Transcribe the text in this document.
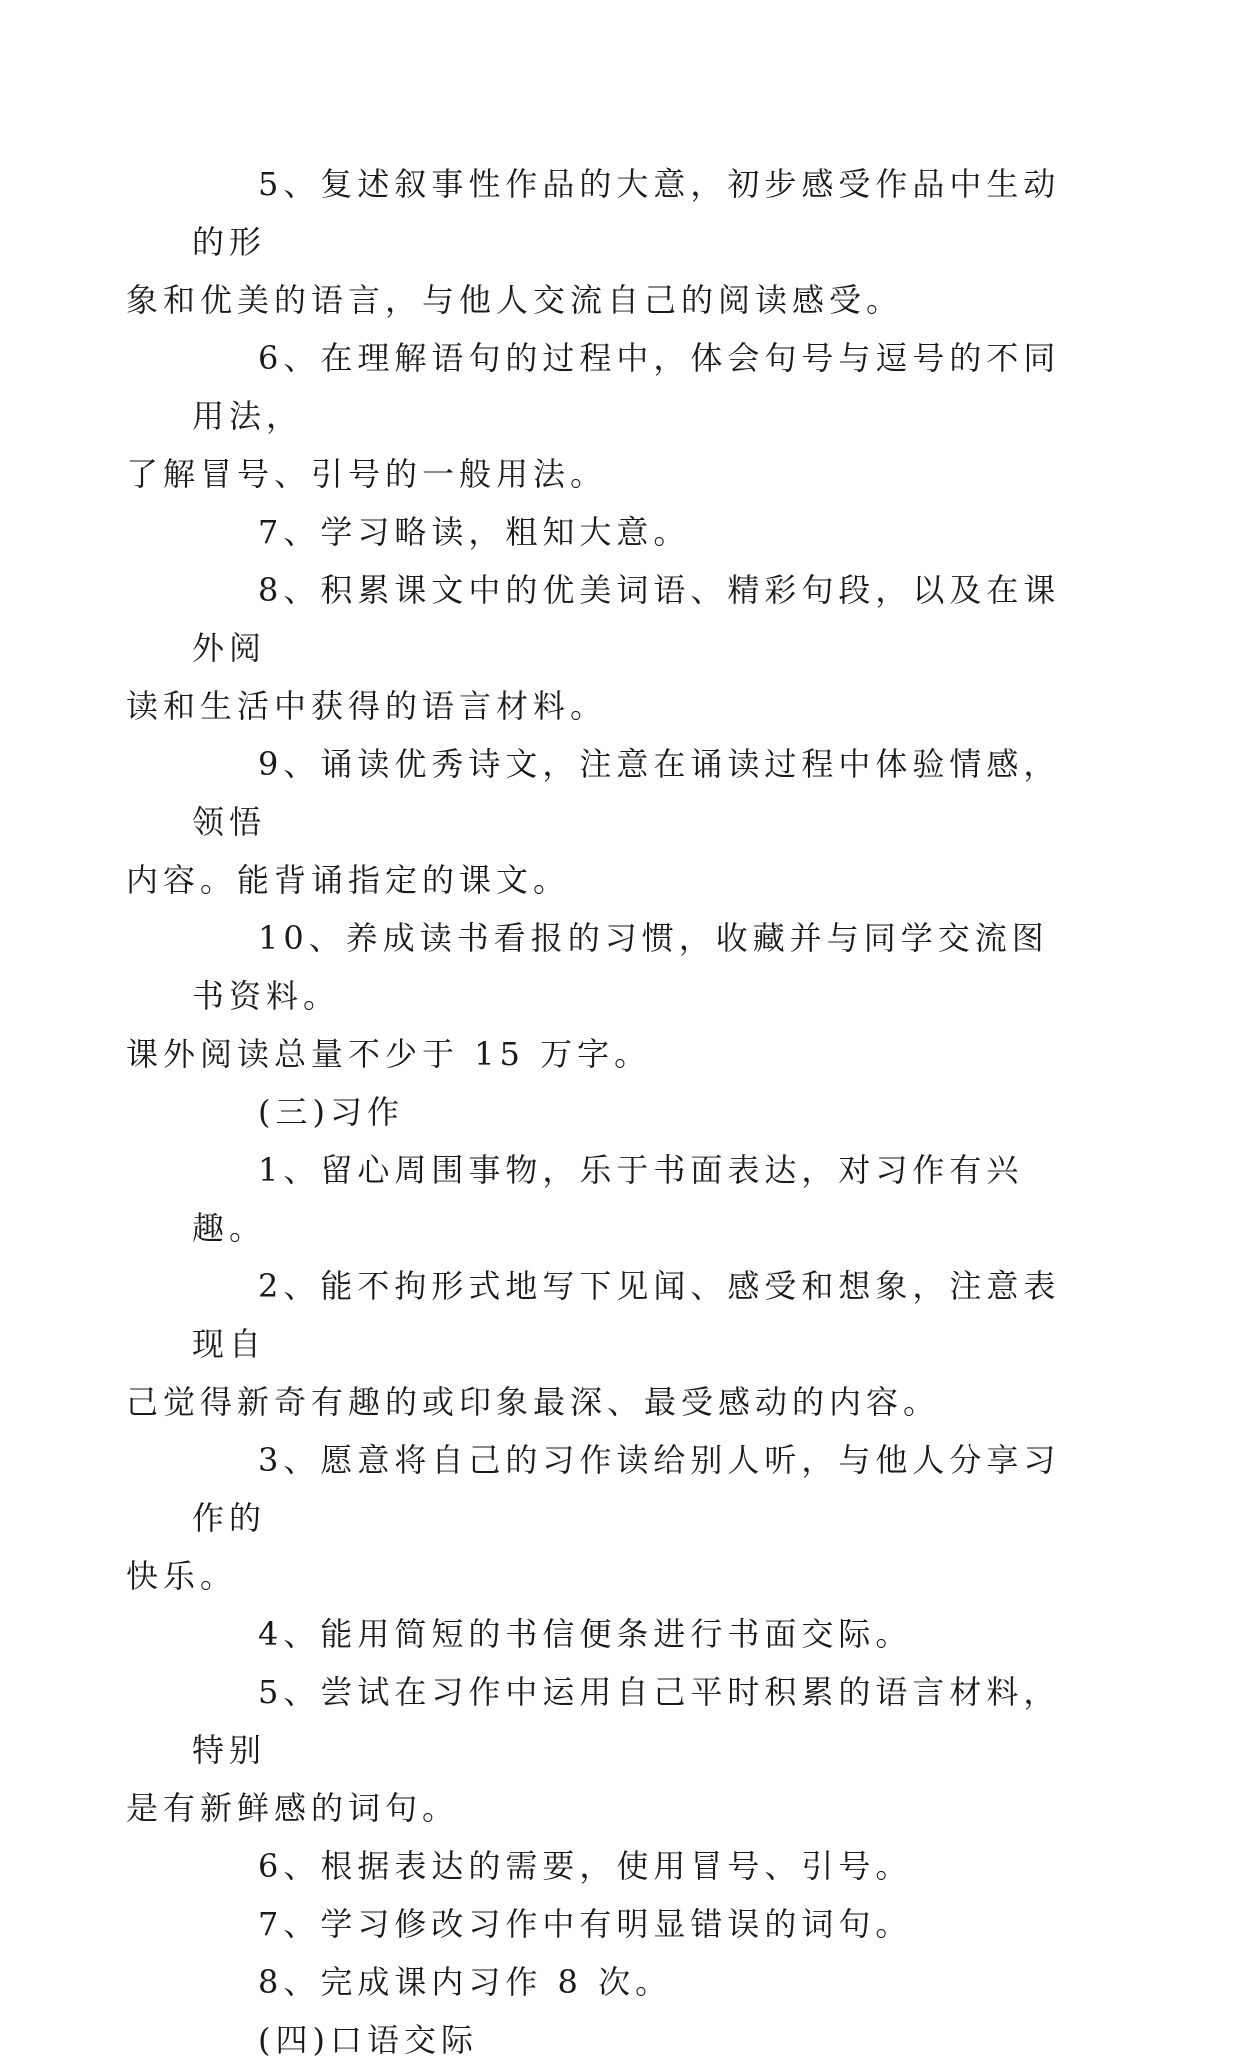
5、复述叙事性作品的大意，初步感受作品中生动的形
象和优美的语言，与他人交流自己的阅读感受。

6、在理解语句的过程中，体会句号与逗号的不同用法，
了解冒号、引号的一般用法。

7、学习略读，粗知大意。

8、积累课文中的优美词语、精彩句段，以及在课外阅
读和生活中获得的语言材料。

9、诵读优秀诗文，注意在诵读过程中体验情感，领悟
内容。能背诵指定的课文。

10、养成读书看报的习惯，收藏并与同学交流图书资料。
课外阅读总量不少于 15 万字。

(三)习作

1、留心周围事物，乐于书面表达，对习作有兴趣。

2、能不拘形式地写下见闻、感受和想象，注意表现自
己觉得新奇有趣的或印象最深、最受感动的内容。

3、愿意将自己的习作读给别人听，与他人分享习作的
快乐。

4、能用简短的书信便条进行书面交际。

5、尝试在习作中运用自己平时积累的语言材料，特别
是有新鲜感的词句。

6、根据表达的需要，使用冒号、引号。

7、学习修改习作中有明显错误的词句。

8、完成课内习作 8 次。

(四)口语交际
